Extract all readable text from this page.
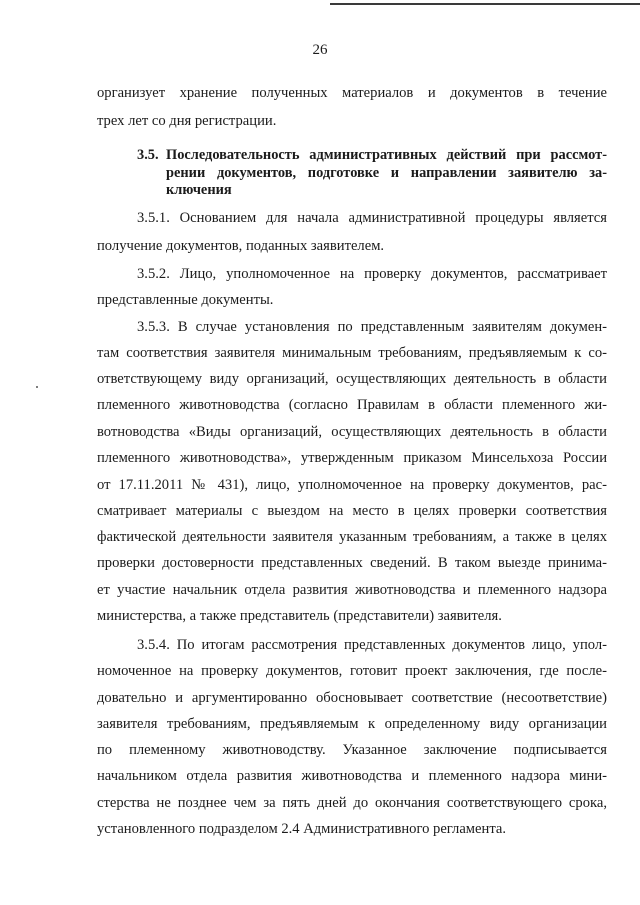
26
организует хранение полученных материалов и документов в течение
трех лет со дня регистрации.
3.5. Последовательность административных действий при рассмот-
рении документов, подготовке и направлении заявителю за-
ключения
3.5.1. Основанием для начала административной процедуры является
получение документов, поданных заявителем.
3.5.2. Лицо, уполномоченное на проверку документов, рассматривает
представленные документы.
3.5.3. В случае установления по представленным заявителям докумен-
там соответствия заявителя минимальным требованиям, предъявляемым к со-
ответствующему виду организаций, осуществляющих деятельность в области
племенного животноводства (согласно Правилам в области племенного жи-
вотноводства «Виды организаций, осуществляющих деятельность в области
племенного животноводства», утвержденным приказом Минсельхоза России
от 17.11.2011 № 431), лицо, уполномоченное на проверку документов, рас-
сматривает материалы с выездом на место в целях проверки соответствия
фактической деятельности заявителя указанным требованиям, а также в целях
проверки достоверности представленных сведений. В таком выезде принима-
ет участие начальник отдела развития животноводства и племенного надзора
министерства, а также представитель (представители) заявителя.
3.5.4. По итогам рассмотрения представленных документов лицо, упол-
номоченное на проверку документов, готовит проект заключения, где после-
довательно и аргументированно обосновывает соответствие (несоответствие)
заявителя требованиям, предъявляемым к определенному виду организации
по племенному животноводству. Указанное заключение подписывается
начальником отдела развития животноводства и племенного надзора мини-
стерства не позднее чем за пять дней до окончания соответствующего срока,
установленного подразделом 2.4 Административного регламента.
